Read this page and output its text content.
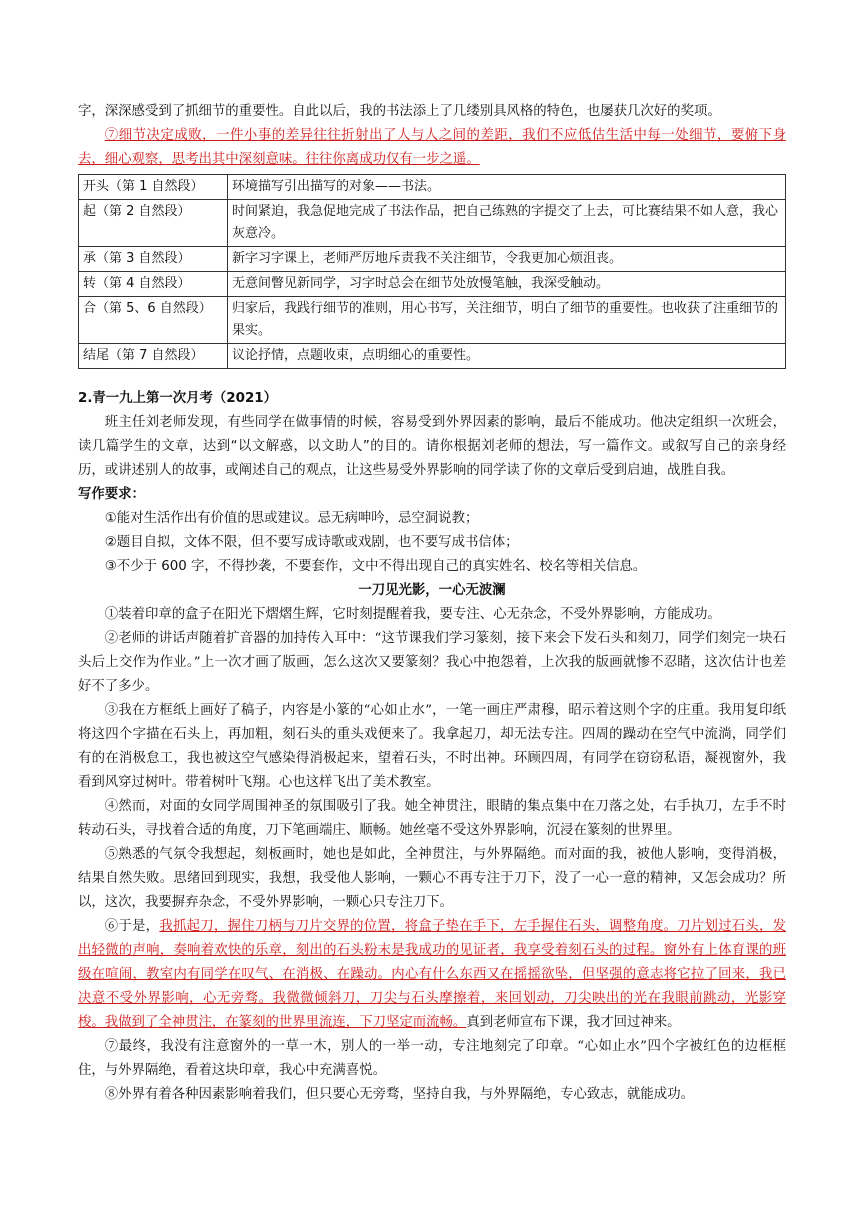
字，深深感受到了抓细节的重要性。自此以后，我的书法添上了几缕别具风格的特色，也屡获几次好的奖项。

⑦细节决定成败，一件小事的差异往往折射出了人与人之间的差距，我们不应低估生活中每一处细节，要俯下身去，细心观察，思考出其中深刻意味。往往你离成功仅有一步之遥。

开头（第 1 自然段）	环境描写引出描写的对象——书法。
起（第 2 自然段）	时间紧迫，我急促地完成了书法作品，把自己练熟的字提交了上去，可比赛结果不如人意，我心灰意冷。
承（第 3 自然段）	新字习字课上，老师严厉地斥责我不关注细节，令我更加心烦沮丧。
转（第 4 自然段）	无意间瞥见新同学，习字时总会在细节处放慢笔触，我深受触动。
合（第 5、6 自然段）	归家后，我践行细节的准则，用心书写，关注细节，明白了细节的重要性。也收获了注重细节的果实。
结尾（第 7 自然段）	议论抒情，点题收束，点明细心的重要性。

2.青一九上第一次月考（2021）

班主任刘老师发现，有些同学在做事情的时候，容易受到外界因素的影响，最后不能成功。他决定组织一次班会，读几篇学生的文章，达到“以文解惑，以文助人”的目的。请你根据刘老师的想法，写一篇作文。或叙写自己的亲身经历，或讲述别人的故事，或阐述自己的观点，让这些易受外界影响的同学读了你的文章后受到启迪，战胜自我。

写作要求：

①能对生活作出有价值的思或建议。忌无病呻吟，忌空洞说教；

②题目自拟，文体不限，但不要写成诗歌或戏剧，也不要写成书信体；

③不少于 600 字，不得抄袭，不要套作，文中不得出现自己的真实姓名、校名等相关信息。

一刀见光影，一心无波澜

①装着印章的盒子在阳光下熠熠生辉，它时刻提醒着我，要专注、心无杂念，不受外界影响，方能成功。

②老师的讲话声随着扩音器的加持传入耳中：“这节课我们学习篆刻，接下来会下发石头和刻刀，同学们刻完一块石头后上交作为作业。”上一次才画了版画，怎么这次又要篆刻？我心中抱怨着，上次我的版画就惨不忍睹，这次估计也差好不了多少。

③我在方框纸上画好了稿子，内容是小篆的“心如止水”，一笔一画庄严肃穆，昭示着这则个字的庄重。我用复印纸将这四个字描在石头上，再加粗，刻石头的重头戏便来了。我拿起刀，却无法专注。四周的躁动在空气中流淌，同学们有的在消极怠工，我也被这空气感染得消极起来，望着石头，不时出神。环顾四周，有同学在窃窃私语，凝视窗外，我看到风穿过树叶。带着树叶飞翔。心也这样飞出了美术教室。

④然而，对面的女同学周围神圣的氛围吸引了我。她全神贯注，眼睛的集点集中在刀落之处，右手执刀，左手不时转动石头，寻找着合适的角度，刀下笔画端庄、顺畅。她丝毫不受这外界影响，沉浸在篆刻的世界里。

⑤熟悉的气氛令我想起，刻板画时，她也是如此，全神贯注，与外界隔绝。而对面的我，被他人影响，变得消极，结果自然失败。思绪回到现实，我想，我受他人影响，一颗心不再专注于刀下，没了一心一意的精神，又怎会成功？所以，这次，我要摒弃杂念，不受外界影响，一颗心只专注刀下。

⑥于是，我抓起刀，握住刀柄与刀片交界的位置，将盒子垫在手下，左手握住石头，调整角度。刀片划过石头，发出轻微的声响，奏响着欢快的乐章，刻出的石头粉末是我成功的见证者，我享受着刻石头的过程。窗外有上体育课的班级在喧闹，教室内有同学在叹气、在消极、在躁动。内心有什么东西又在摇摇欲坠，但坚强的意志将它拉了回来，我已决意不受外界影响，心无旁骛。我微微倾斜刀，刀尖与石头摩擦着，来回划动，刀尖映出的光在我眼前跳动，光影穿梭。我做到了全神贯注，在篆刻的世界里流连，下刀坚定而流畅。真到老师宣布下课，我才回过神来。

⑦最终，我没有注意窗外的一草一木，别人的一举一动，专注地刻完了印章。“心如止水”四个字被红色的边框框住，与外界隔绝，看着这块印章，我心中充满喜悦。

⑧外界有着各种因素影响着我们，但只要心无旁骛，坚持自我，与外界隔绝，专心致志，就能成功。
